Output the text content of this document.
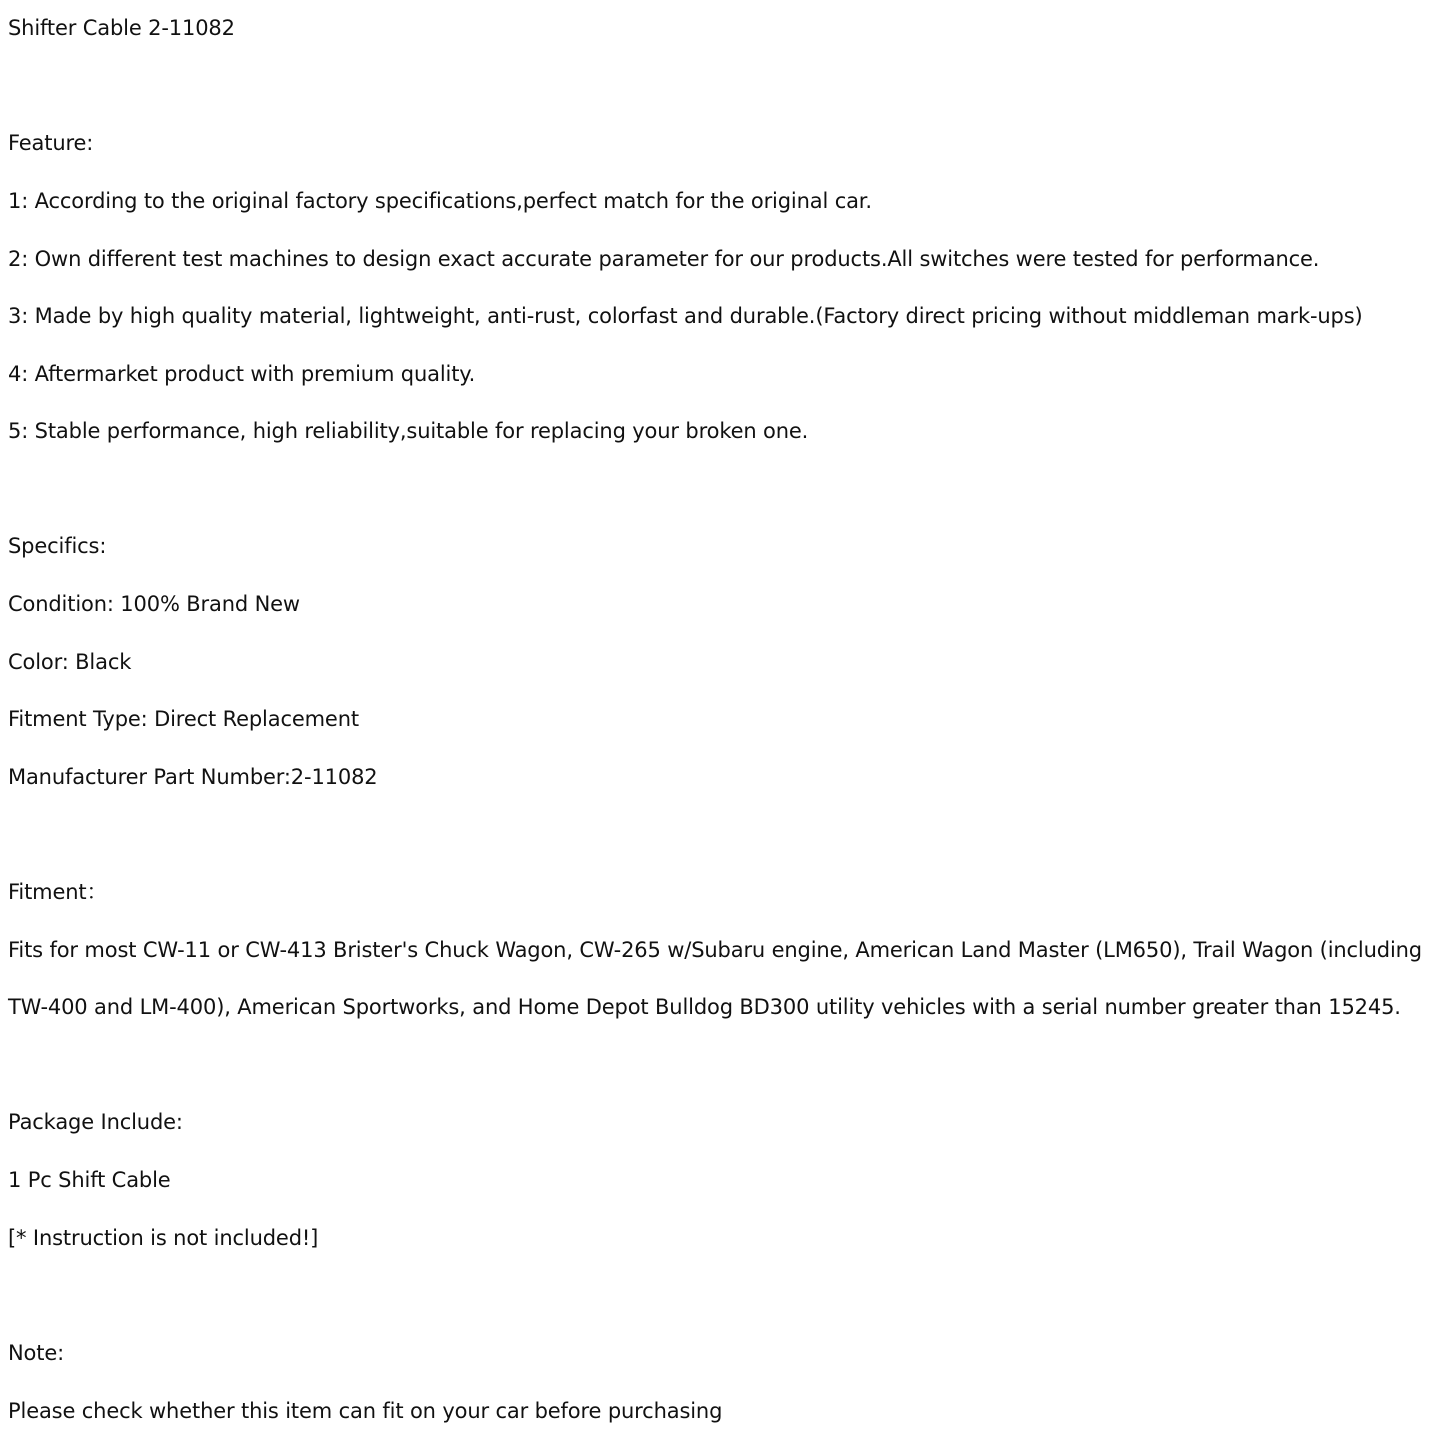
Shifter Cable 2-11082
Feature:
1: According to the original factory specifications,perfect match for the original car.
2: Own different test machines to design exact accurate parameter for our products.All switches were tested for performance.
3: Made by high quality material, lightweight, anti-rust, colorfast and durable.(Factory direct pricing without middleman mark-ups)
4: Aftermarket product with premium quality.
5: Stable performance, high reliability,suitable for replacing your broken one.
Specifics:
Condition: 100% Brand New
Color: Black
Fitment Type: Direct Replacement
Manufacturer Part Number:2-11082
Fitment：
Fits for most CW-11 or CW-413 Brister's Chuck Wagon, CW-265 w/Subaru engine, American Land Master (LM650), Trail Wagon (including
TW-400 and LM-400), American Sportworks, and Home Depot Bulldog BD300 utility vehicles with a serial number greater than 15245.
Package Include:
1 Pc Shift Cable
[* Instruction is not included!]
Note:
Please check whether this item can fit on your car before purchasing
